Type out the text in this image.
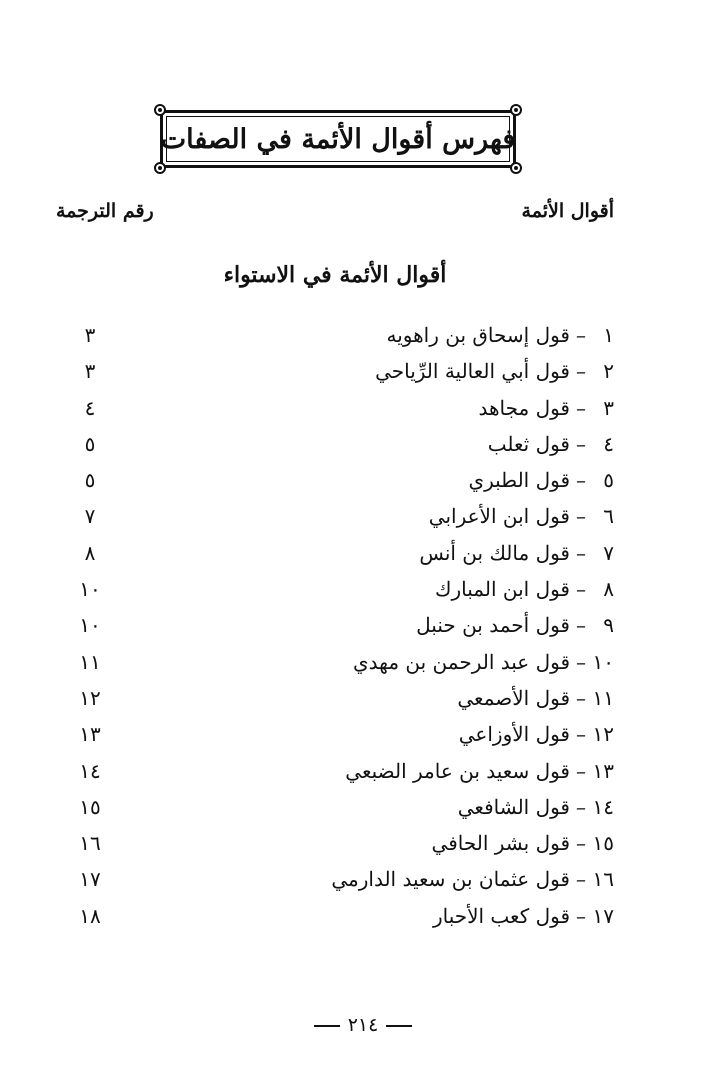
فهرس أقوال الأئمة في الصفات
أقوال الأئمة
رقم الترجمة
أقوال الأئمة في الاستواء
١–قول إسحاق بن راهويه
٣
٢–قول أبي العالية الرِّياحي
٣
٣–قول مجاهد
٤
٤–قول ثعلب
٥
٥–قول الطبري
٥
٦–قول ابن الأعرابي
٧
٧–قول مالك بن أنس
٨
٨–قول ابن المبارك
١٠
٩–قول أحمد بن حنبل
١٠
١٠–قول عبد الرحمن بن مهدي
١١
١١–قول الأصمعي
١٢
١٢–قول الأوزاعي
١٣
١٣–قول سعيد بن عامر الضبعي
١٤
١٤–قول الشافعي
١٥
١٥–قول بشر الحافي
١٦
١٦–قول عثمان بن سعيد الدارمي
١٧
١٧–قول كعب الأحبار
١٨
٢١٤
